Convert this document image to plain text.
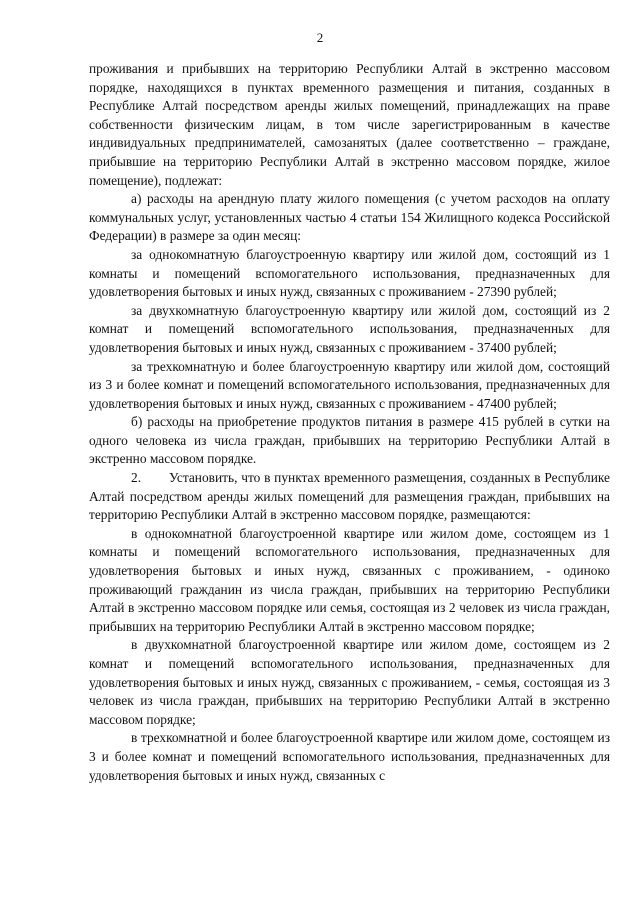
2

проживания и прибывших на территорию Республики Алтай в экстренно массовом порядке, находящихся в пунктах временного размещения и питания, созданных в Республике Алтай посредством аренды жилых помещений, принадлежащих на праве собственности физическим лицам, в том числе зарегистрированным в качестве индивидуальных предпринимателей, самозанятых (далее соответственно – граждане, прибывшие на территорию Республики Алтай в экстренно массовом порядке, жилое помещение), подлежат:

а) расходы на арендную плату жилого помещения (с учетом расходов на оплату коммунальных услуг, установленных частью 4 статьи 154 Жилищного кодекса Российской Федерации) в размере за один месяц:

за однокомнатную благоустроенную квартиру или жилой дом, состоящий из 1 комнаты и помещений вспомогательного использования, предназначенных для удовлетворения бытовых и иных нужд, связанных с проживанием - 27390 рублей;

за двухкомнатную благоустроенную квартиру или жилой дом, состоящий из 2 комнат и помещений вспомогательного использования, предназначенных для удовлетворения бытовых и иных нужд, связанных с проживанием - 37400 рублей;

за трехкомнатную и более благоустроенную квартиру или жилой дом, состоящий из 3 и более комнат и помещений вспомогательного использования, предназначенных для удовлетворения бытовых и иных нужд, связанных с проживанием - 47400 рублей;

б) расходы на приобретение продуктов питания в размере 415 рублей в сутки на одного человека из числа граждан, прибывших на территорию Республики Алтай в экстренно массовом порядке.

2. Установить, что в пунктах временного размещения, созданных в Республике Алтай посредством аренды жилых помещений для размещения граждан, прибывших на территорию Республики Алтай в экстренно массовом порядке, размещаются:

в однокомнатной благоустроенной квартире или жилом доме, состоящем из 1 комнаты и помещений вспомогательного использования, предназначенных для удовлетворения бытовых и иных нужд, связанных с проживанием, - одиноко проживающий гражданин из числа граждан, прибывших на территорию Республики Алтай в экстренно массовом порядке или семья, состоящая из 2 человек из числа граждан, прибывших на территорию Республики Алтай в экстренно массовом порядке;

в двухкомнатной благоустроенной квартире или жилом доме, состоящем из 2 комнат и помещений вспомогательного использования, предназначенных для удовлетворения бытовых и иных нужд, связанных с проживанием, - семья, состоящая из 3 человек из числа граждан, прибывших на территорию Республики Алтай в экстренно массовом порядке;

в трехкомнатной и более благоустроенной квартире или жилом доме, состоящем из 3 и более комнат и помещений вспомогательного использования, предназначенных для удовлетворения бытовых и иных нужд, связанных с
